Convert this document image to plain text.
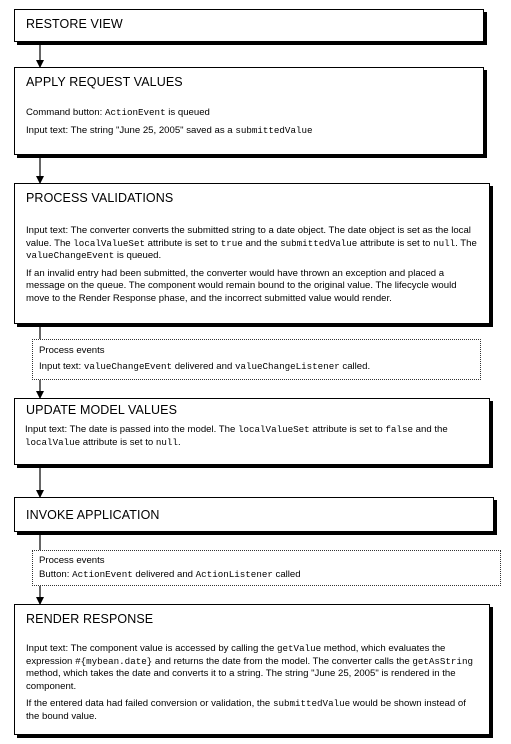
RESTORE VIEW
APPLY REQUEST VALUES

Command button: ActionEvent is queued

Input text: The string "June 25, 2005" saved as a submittedValue

PROCESS VALIDATIONS

Input text: The converter converts the submitted string to a date object. The date object is set as the local value. The localValueSet attribute is set to true and the submittedValue attribute is set to null. The valueChangeEvent is queued.

If an invalid entry had been submitted, the converter would have thrown an exception and placed a message on the queue. The component would remain bound to the original value. The lifecycle would move to the Render Response phase, and the incorrect submitted value would render.

Process events

Input text: valueChangeEvent delivered and valueChangeListener called.

UPDATE MODEL VALUES

Input text: The date is passed into the model. The localValueSet attribute is set to false and the localValue attribute is set to null.

INVOKE APPLICATION

Process events

Button: ActionEvent delivered and ActionListener called

RENDER RESPONSE

Input text: The component value is accessed by calling the getValue method, which evaluates the expression #{mybean.date} and returns the date from the model. The converter calls the getAsString method, which takes the date and converts it to a string. The string "June 25, 2005" is rendered in the component.

If the entered data had failed conversion or validation, the submittedValue would be shown instead of the bound value.
